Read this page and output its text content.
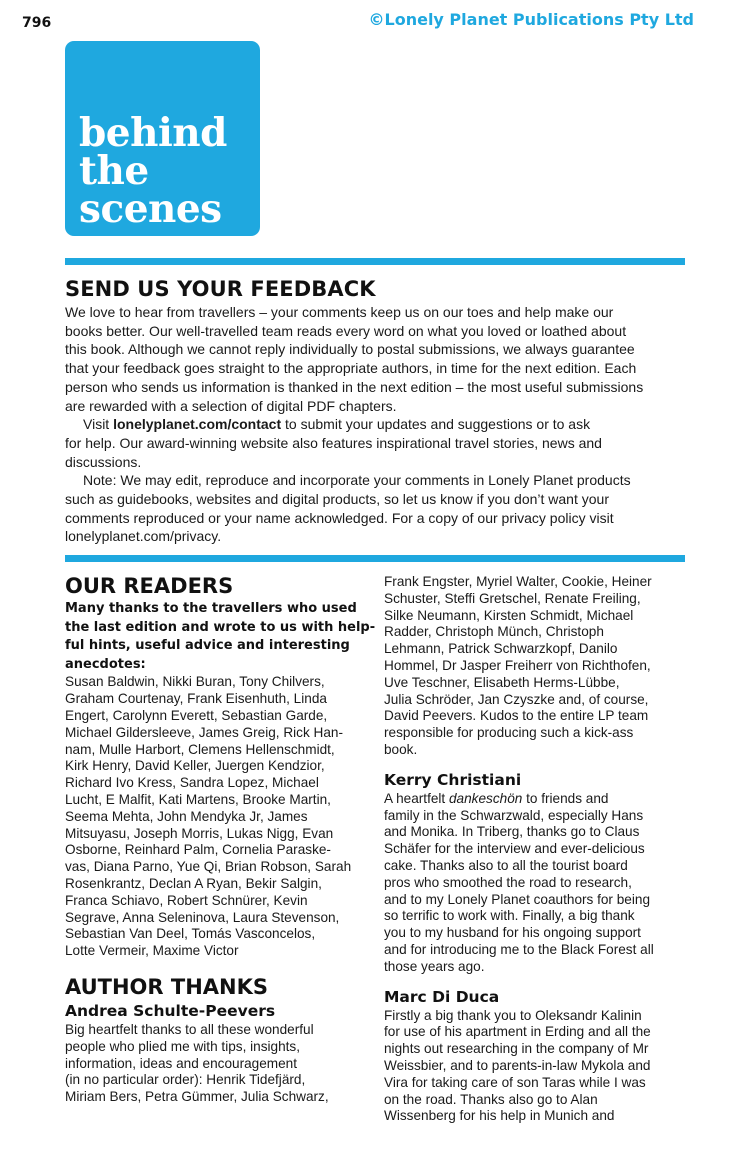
796	©Lonely Planet Publications Pty Ltd
behind
the
scenes
SEND US YOUR FEEDBACK

We love to hear from travellers – your comments keep us on our toes and help make our
books better. Our well-travelled team reads every word on what you loved or loathed about
this book. Although we cannot reply individually to postal submissions, we always guarantee
that your feedback goes straight to the appropriate authors, in time for the next edition. Each
person who sends us information is thanked in the next edition – the most useful submissions
are rewarded with a selection of digital PDF chapters.

Visit lonelyplanet.com/contact to submit your updates and suggestions or to ask
for help. Our award-winning website also features inspirational travel stories, news and
discussions.

Note: We may edit, reproduce and incorporate your comments in Lonely Planet products
such as guidebooks, websites and digital products, so let us know if you don’t want your
comments reproduced or your name acknowledged. For a copy of our privacy policy visit
lonelyplanet.com/privacy.

OUR READERS
Many thanks to the travellers who used
the last edition and wrote to us with help-
ful hints, useful advice and interesting
anecdotes:
Susan Baldwin, Nikki Buran, Tony Chilvers,
Graham Courtenay, Frank Eisenhuth, Linda
Engert, Carolynn Everett, Sebastian Garde,
Michael Gildersleeve, James Greig, Rick Han-
nam, Mulle Harbort, Clemens Hellenschmidt,
Kirk Henry, David Keller, Juergen Kendzior,
Richard Ivo Kress, Sandra Lopez, Michael
Lucht, E Malfit, Kati Martens, Brooke Martin,
Seema Mehta, John Mendyka Jr, James
Mitsuyasu, Joseph Morris, Lukas Nigg, Evan
Osborne, Reinhard Palm, Cornelia Paraske-
vas, Diana Parno, Yue Qi, Brian Robson, Sarah
Rosenkrantz, Declan A Ryan, Bekir Salgin,
Franca Schiavo, Robert Schnürer, Kevin
Segrave, Anna Seleninova, Laura Stevenson,
Sebastian Van Deel, Tomás Vasconcelos,
Lotte Vermeir, Maxime Victor
AUTHOR THANKS
Andrea Schulte-Peevers
Big heartfelt thanks to all these wonderful
people who plied me with tips, insights,
information, ideas and encouragement
(in no particular order): Henrik Tidefjärd,
Miriam Bers, Petra Gümmer, Julia Schwarz,
Frank Engster, Myriel Walter, Cookie, Heiner
Schuster, Steffi Gretschel, Renate Freiling,
Silke Neumann, Kirsten Schmidt, Michael
Radder, Christoph Münch, Christoph
Lehmann, Patrick Schwarzkopf, Danilo
Hommel, Dr Jasper Freiherr von Richthofen,
Uve Teschner, Elisabeth Herms-Lübbe,
Julia Schröder, Jan Czyszke and, of course,
David Peevers. Kudos to the entire LP team
responsible for producing such a kick-ass
book.
Kerry Christiani
A heartfelt dankeschön to friends and
family in the Schwarzwald, especially Hans
and Monika. In Triberg, thanks go to Claus
Schäfer for the interview and ever-delicious
cake. Thanks also to all the tourist board
pros who smoothed the road to research,
and to my Lonely Planet coauthors for being
so terrific to work with. Finally, a big thank
you to my husband for his ongoing support
and for introducing me to the Black Forest all
those years ago.
Marc Di Duca
Firstly a big thank you to Oleksandr Kalinin
for use of his apartment in Erding and all the
nights out researching in the company of Mr
Weissbier, and to parents-in-law Mykola and
Vira for taking care of son Taras while I was
on the road. Thanks also go to Alan
Wissenberg for his help in Munich and
